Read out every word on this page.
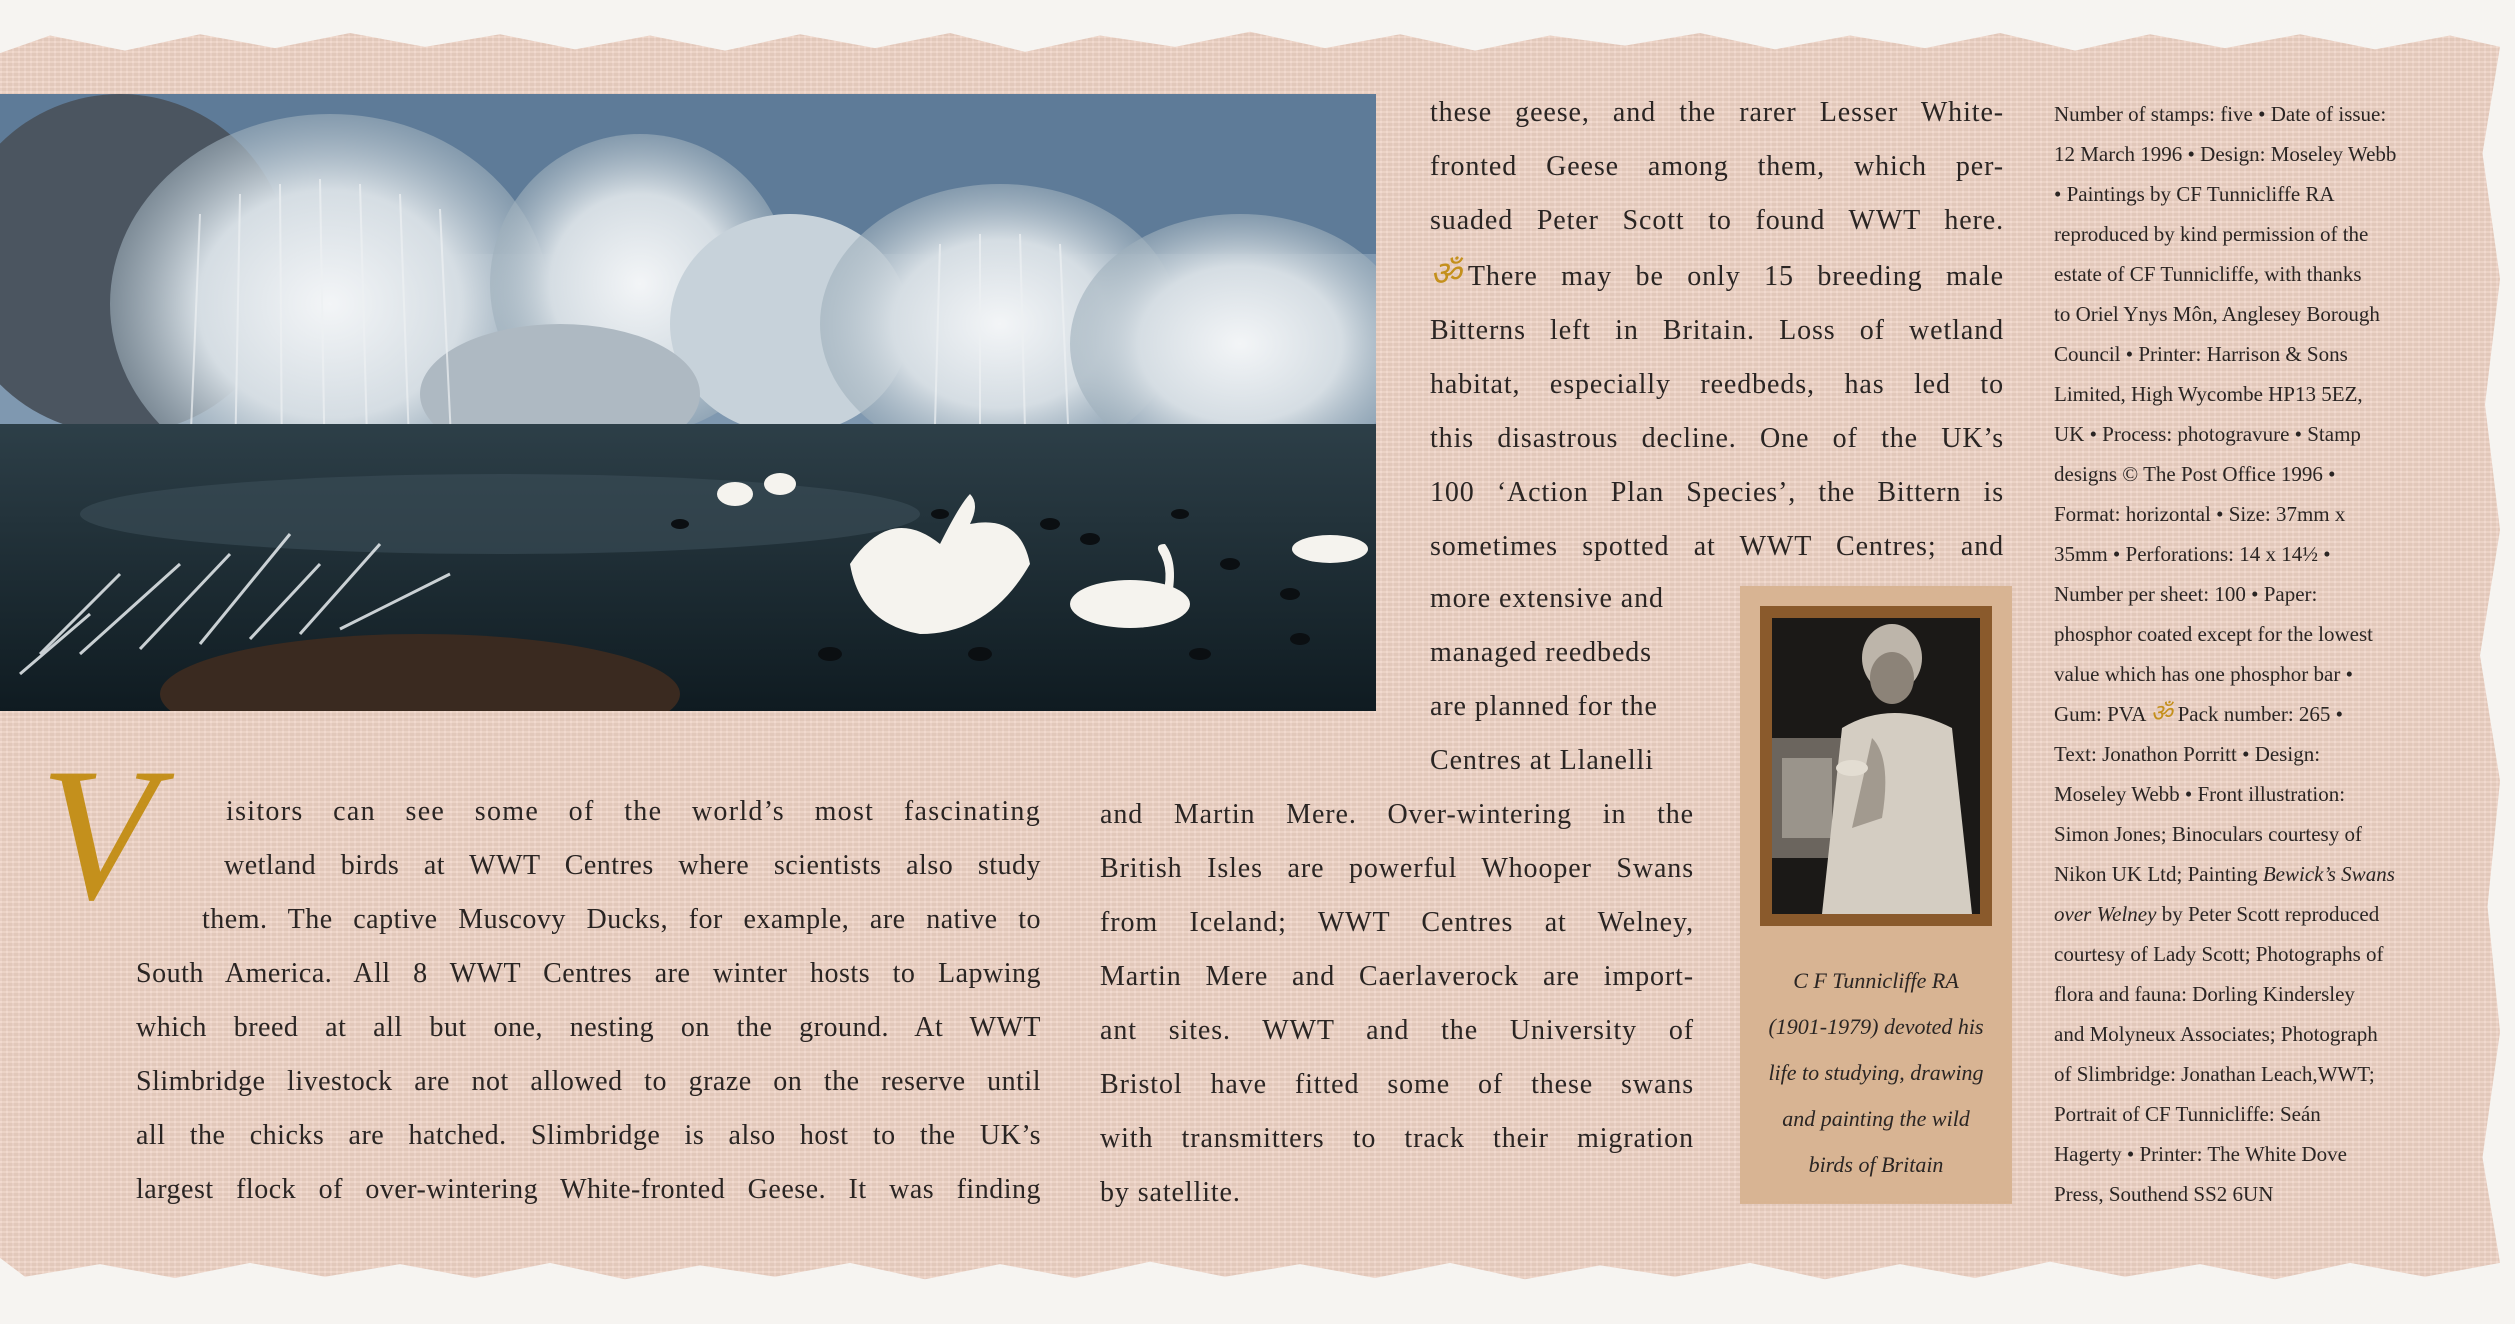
V isitors can see some of the world’s most fascinating
wetland birds at WWT Centres where scientists also study
them. The captive Muscovy Ducks, for example, are native to
South America. All 8 WWT Centres are winter hosts to Lapwing
which breed at all but one, nesting on the ground. At WWT
Slimbridge livestock are not allowed to graze on the reserve until
all the chicks are hatched. Slimbridge is also host to the UK’s
largest flock of over-wintering White-fronted Geese. It was finding
these geese, and the rarer Lesser White-
fronted Geese among them, which per-
suaded Peter Scott to found WWT here.
ॐ There may be only 15 breeding male
Bitterns left in Britain. Loss of wetland
habitat, especially reedbeds, has led to
this disastrous decline. One of the UK’s
100 ‘Action Plan Species’, the Bittern is
sometimes spotted at WWT Centres; and
more extensive and
managed reedbeds
are planned for the
Centres at Llanelli
and Martin Mere. Over-wintering in the
British Isles are powerful Whooper Swans
from Iceland; WWT Centres at Welney,
Martin Mere and Caerlaverock are import-
ant sites. WWT and the University of
Bristol have fitted some of these swans
with transmitters to track their migration
by satellite.
C F Tunnicliffe RA
(1901-1979) devoted his
life to studying, drawing
and painting the wild
birds of Britain
Number of stamps: five • Date of issue:
12 March 1996 • Design: Moseley Webb
• Paintings by CF Tunnicliffe RA
reproduced by kind permission of the
estate of CF Tunnicliffe, with thanks
to Oriel Ynys Môn, Anglesey Borough
Council • Printer: Harrison & Sons
Limited, High Wycombe HP13 5EZ,
UK • Process: photogravure • Stamp
designs © The Post Office 1996 •
Format: horizontal • Size: 37mm x
35mm • Perforations: 14 x 14½ •
Number per sheet: 100 • Paper:
phosphor coated except for the lowest
value which has one phosphor bar •
Gum: PVA ॐ Pack number: 265 •
Text: Jonathon Porritt • Design:
Moseley Webb • Front illustration:
Simon Jones; Binoculars courtesy of
Nikon UK Ltd; Painting Bewick’s Swans
over Welney by Peter Scott reproduced
courtesy of Lady Scott; Photographs of
flora and fauna: Dorling Kindersley
and Molyneux Associates; Photograph
of Slimbridge: Jonathan Leach,WWT;
Portrait of CF Tunnicliffe: Seán
Hagerty • Printer: The White Dove
Press, Southend SS2 6UN
